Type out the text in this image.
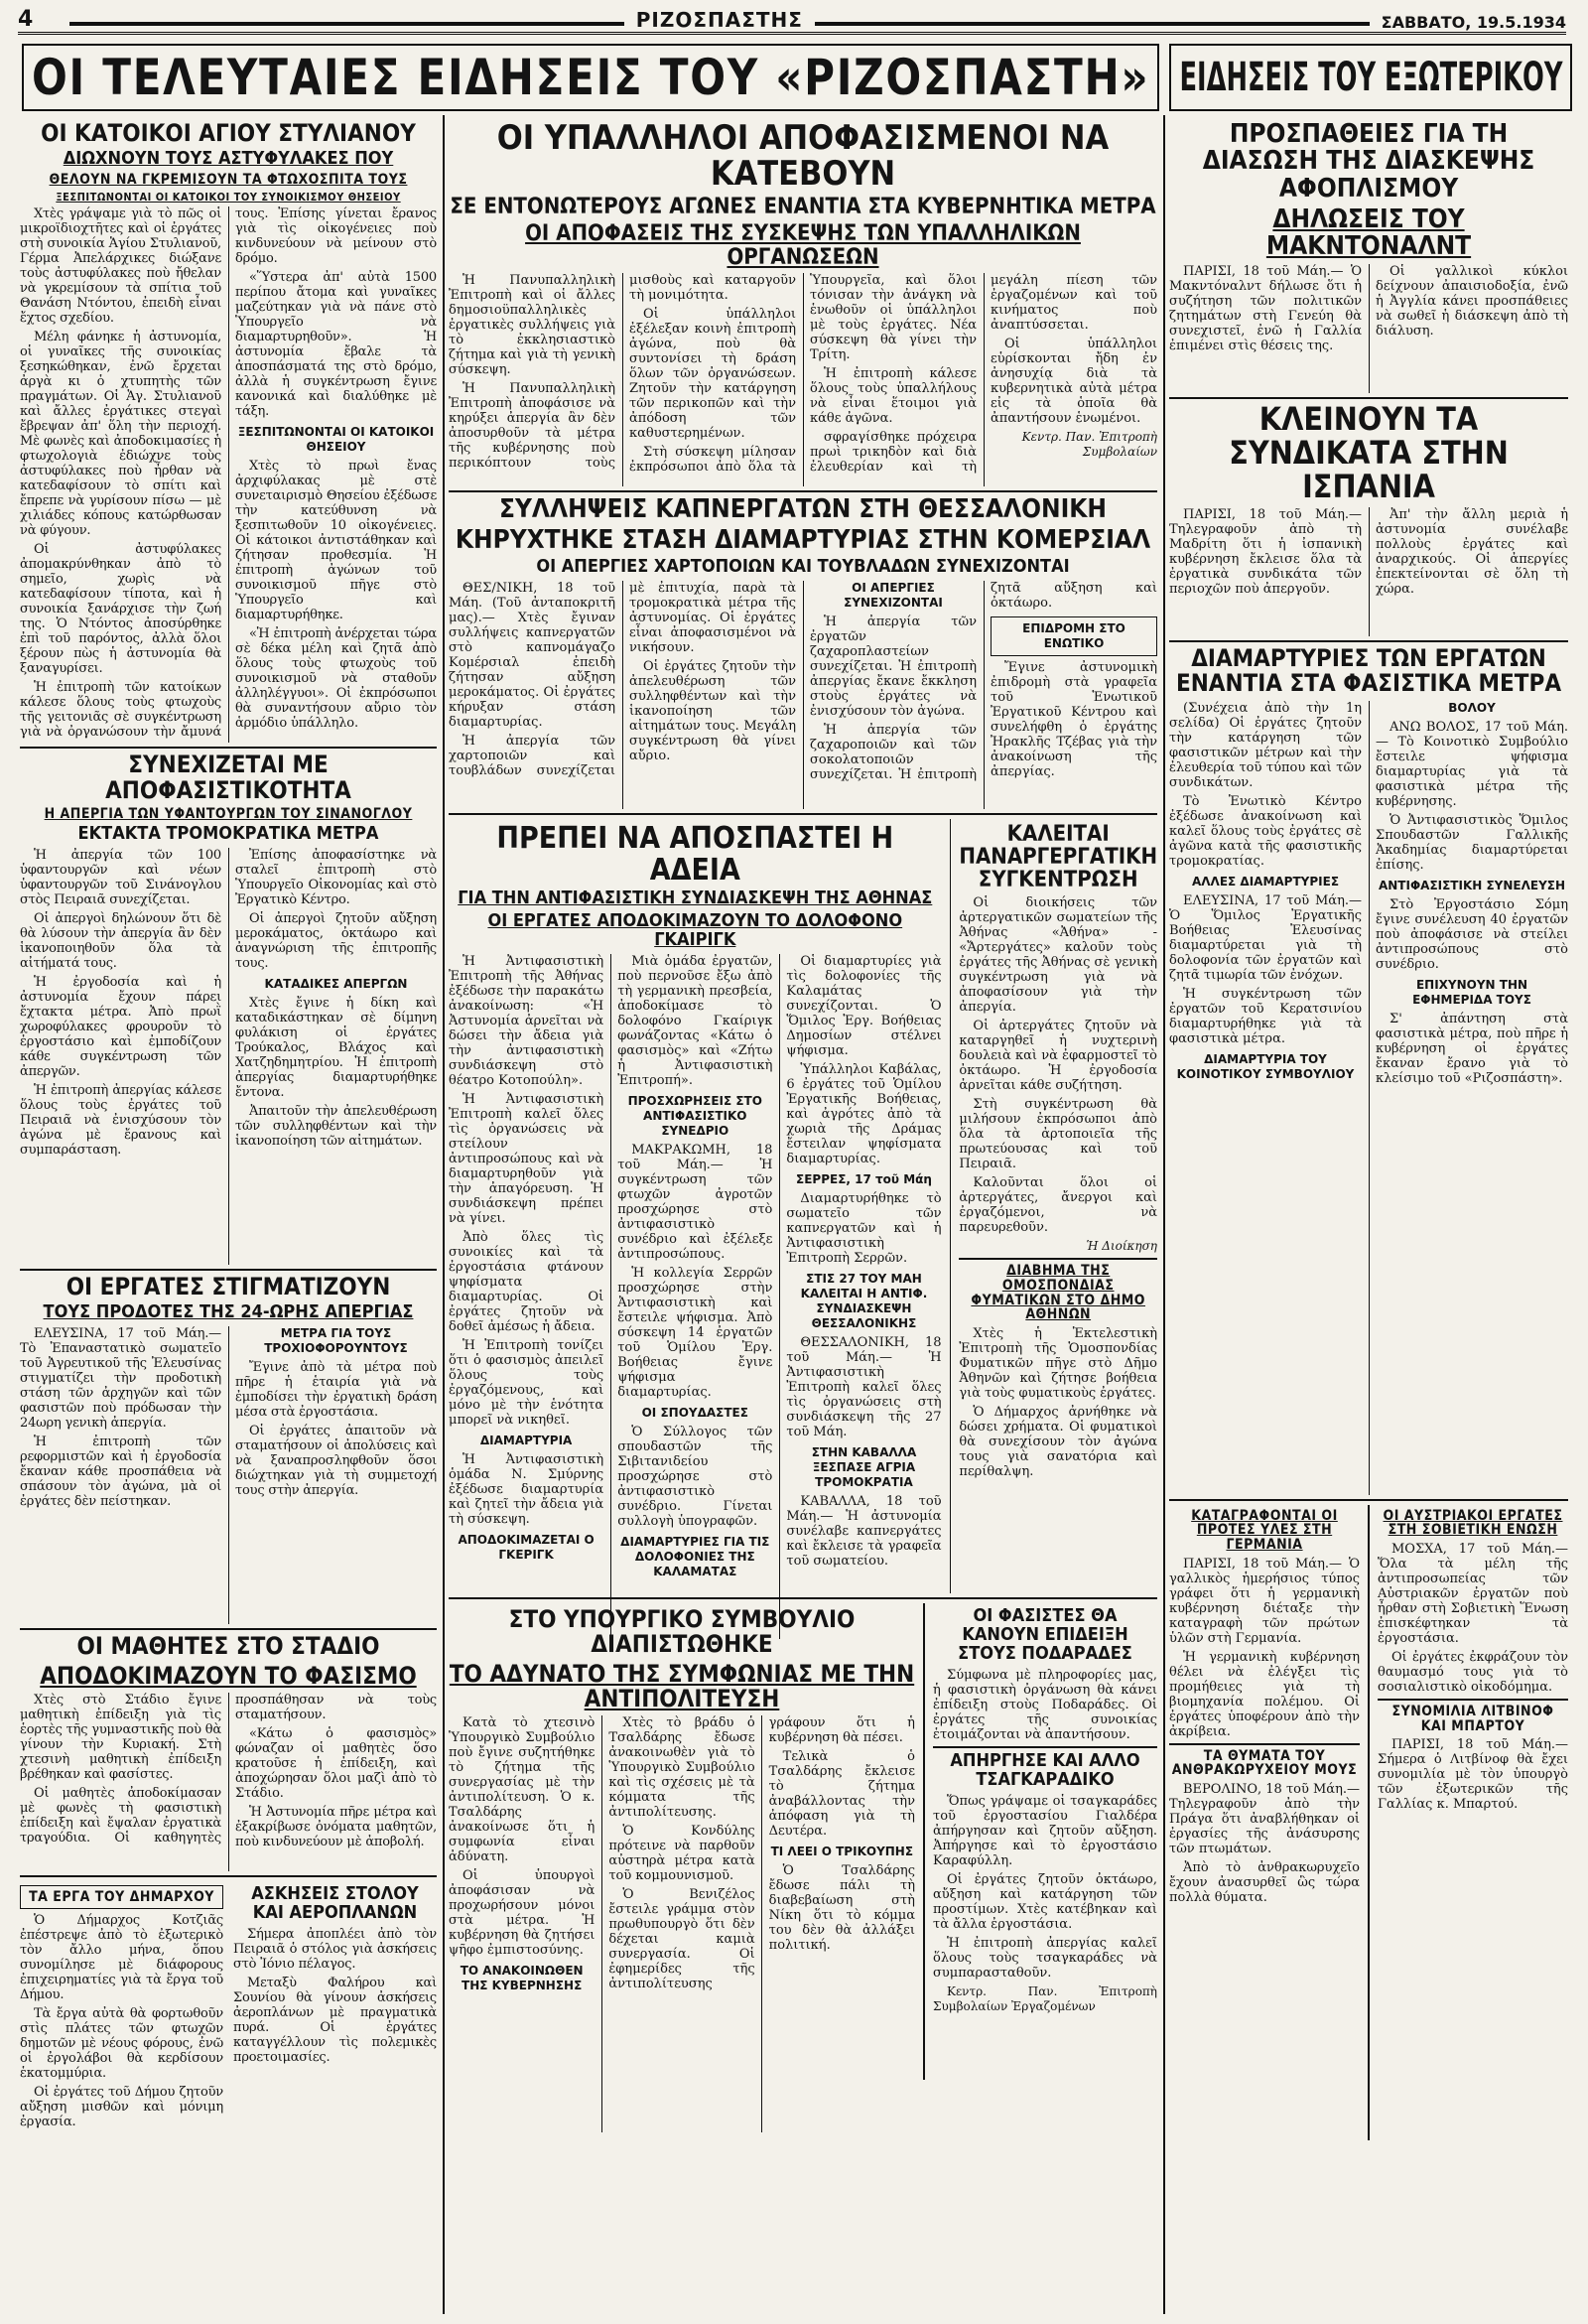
4	ΡΙΖΟΣΠΑΣΤΗΣ	ΣΑΒΒΑΤΟ, 19.5.1934
ΟΙ ΤΕΛΕΥΤΑΙΕΣ ΕΙΔΗΣΕΙΣ ΤΟΥ «ΡΙΖΟΣΠΑΣΤΗ» ΕΙΔΗΣΕΙΣ ΤΟΥ ΕΞΩΤΕΡΙΚΟΥ
ΟΙ ΚΑΤΟΙΚΟΙ ΑΓΙΟΥ ΣΤΥΛΙΑΝΟΥ
ΔΙΩΧΝΟΥΝ ΤΟΥΣ ΑΣΤΥΦΥΛΑΚΕΣ ΠΟΥ
ΘΕΛΟΥΝ ΝΑ ΓΚΡΕΜΙΣΟΥΝ ΤΑ ΦΤΩΧΟΣΠΙΤΑ ΤΟΥΣ
ΞΕΣΠΙΤΩΝΟΝΤΑΙ ΟΙ ΚΑΤΟΙΚΟΙ ΤΟΥ ΣΥΝΟΙΚΙΣΜΟΥ ΘΗΣΕΙΟΥ

Χτὲς γράψαμε γιὰ τὸ πῶς οἱ μικροϊδιοχτῆτες καὶ οἱ ἐργάτες στὴ συνοικία Ἁγίου Στυλιανοῦ, Γέρμα Ἀπελάρχικες διώξανε τοὺς ἀστυφύλακες ποὺ ἤθελαν νὰ γκρεμίσουν τὰ σπίτια τοῦ Θανάση Ντόντου, ἐπειδὴ εἶναι ἔχτος σχεδίου.

Μέλη φάνηκε ἡ ἀστυνομία, οἱ γυναῖκες τῆς συνοικίας ξεσηκώθηκαν, ἐνῶ ἔρχεται ἀργὰ κι ὁ χτυπητὴς τῶν πραγμάτων. Οἱ Ἁγ. Στυλιανοῦ καὶ ἄλλες ἐργάτικες στεγαὶ ἔβρεψαν ἀπ' ὅλη τὴν περιοχή. Μὲ φωνὲς καὶ ἀποδοκιμασίες ἡ φτωχολογιὰ ἐδιώχνε τοὺς ἀστυφύλακες ποὺ ἦρθαν νὰ κατεδαφίσουν τὸ σπίτι καὶ ἔπρεπε νὰ γυρίσουν πίσω — μὲ χιλιάδες κόπους κατώρθωσαν νὰ φύγουν.

Οἱ ἀστυφύλακες ἀπομακρύνθηκαν ἀπὸ τὸ σημεῖο, χωρὶς νὰ κατεδαφίσουν τίποτα, καὶ ἡ συνοικία ξανάρχισε τὴν ζωή της. Ὁ Ντόντος ἀποσύρθηκε ἐπὶ τοῦ παρόντος, ἀλλὰ ὅλοι ξέρουν πὼς ἡ ἀστυνομία θὰ ξαναγυρίσει.

Ἡ ἐπιτροπὴ τῶν κατοίκων κάλεσε ὅλους τοὺς φτωχοὺς τῆς γειτονιᾶς σὲ συγκέντρωση γιὰ νὰ ὀργανώσουν τὴν ἄμυνά τους. Ἐπίσης γίνεται ἔρανος γιὰ τὶς οἰκογένειες ποὺ κινδυνεύουν νὰ μείνουν στὸ δρόμο.

«Ὕστερα ἀπ' αὐτὰ 1500 περίπου ἄτομα καὶ γυναῖκες μαζεύτηκαν γιὰ νὰ πάνε στὸ Ὑπουργεῖο νὰ διαμαρτυρηθοῦν». Ἡ ἀστυνομία ἔβαλε τὰ ἀποσπάσματά της στὸ δρόμο, ἀλλὰ ἡ συγκέντρωση ἔγινε κανονικά καὶ διαλύθηκε μὲ τάξη.

ΞΕΣΠΙΤΩΝΟΝΤΑΙ ΟΙ ΚΑΤΟΙΚΟΙ ΘΗΣΕΙΟΥ

Χτὲς τὸ πρωὶ ἔνας ἀρχιφύλακας μὲ στὲ συνεταιρισμὸ Θησείου ἐξέδωσε τὴν κατεύθυνση νὰ ξεσπιτωθοῦν 10 οἰκογένειες. Οἱ κάτοικοι ἀντιστάθηκαν καὶ ζήτησαν προθεσμία. Ἡ ἐπιτροπὴ ἀγώνων τοῦ συνοικισμοῦ πῆγε στὸ Ὑπουργεῖο καὶ διαμαρτυρήθηκε.

«Ἡ ἐπιτροπὴ ἀνέρχεται τώρα σὲ δέκα μέλη καὶ ζητᾶ ἀπὸ ὅλους τοὺς φτωχοὺς τοῦ συνοικισμοῦ νὰ σταθοῦν ἀλληλέγγυοι». Οἱ ἐκπρόσωποι θὰ συναντήσουν αὔριο τὸν ἁρμόδιο ὑπάλληλο.

ΣΥΝΕΧΙΖΕΤΑΙ ΜΕ ΑΠΟΦΑΣΙΣΤΙΚΟΤΗΤΑ
Η ΑΠΕΡΓΙΑ ΤΩΝ ΥΦΑΝΤΟΥΡΓΩΝ ΤΟΥ ΣΙΝΑΝΟΓΛΟΥ
ΕΚΤΑΚΤΑ ΤΡΟΜΟΚΡΑΤΙΚΑ ΜΕΤΡΑ

Ἡ ἀπεργία τῶν 100 ὑφαντουργῶν καὶ νέων ὑφαντουργῶν τοῦ Σινάνογλου στὸς Πειραιᾶ συνεχίζεται.

Οἱ ἀπεργοὶ δηλώνουν ὅτι δὲ θὰ λύσουν τὴν ἀπεργία ἂν δὲν ἱκανοποιηθοῦν ὅλα τὰ αἰτήματά τους.

Ἡ ἐργοδοσία καὶ ἡ ἀστυνομία ἔχουν πάρει ἔχτακτα μέτρα. Ἀπὸ πρωῒ χωροφύλακες φρουροῦν τὸ ἐργοστάσιο καὶ ἐμποδίζουν κάθε συγκέντρωση τῶν ἀπεργῶν.

Ἡ ἐπιτροπὴ ἀπεργίας κάλεσε ὅλους τοὺς ἐργάτες τοῦ Πειραιᾶ νὰ ἐνισχύσουν τὸν ἀγώνα μὲ ἔρανους καὶ συμπαράσταση.

Ἐπίσης ἀποφασίστηκε νὰ σταλεῖ ἐπιτροπὴ στὸ Ὑπουργεῖο Οἰκονομίας καὶ στὸ Ἐργατικὸ Κέντρο.

Οἱ ἀπεργοὶ ζητοῦν αὔξηση μεροκάματος, ὀκτάωρο καὶ ἀναγνώριση τῆς ἐπιτροπῆς τους.

ΚΑΤΑΔΙΚΕΣ ΑΠΕΡΓΩΝ

Χτὲς ἔγινε ἡ δίκη καὶ καταδικάστηκαν σὲ δίμηνη φυλάκιση οἱ ἐργάτες Τρούκαλος, Βλάχος καὶ Χατζηδημητρίου. Ἡ ἐπιτροπὴ ἀπεργίας διαμαρτυρήθηκε ἔντονα.

Ἀπαιτοῦν τὴν ἀπελευθέρωση τῶν συλληφθέντων καὶ τὴν ἱκανοποίηση τῶν αἰτημάτων.

ΟΙ ΕΡΓΑΤΕΣ ΣΤΙΓΜΑΤΙΖΟΥΝ
ΤΟΥΣ ΠΡΟΔΟΤΕΣ ΤΗΣ 24-ΩΡΗΣ ΑΠΕΡΓΙΑΣ

ΕΛΕΥΣΙΝΑ, 17 τοῦ Μάη.— Τὸ Ἐπαναστατικὸ σωματεῖο τοῦ Ἀγρευτικοῦ τῆς Ἐλευσίνας στιγματίζει τὴν προδοτικὴ στάση τῶν ἀρχηγῶν καὶ τῶν φασιστῶν ποὺ πρόδωσαν τὴν 24ωρη γενικὴ ἀπεργία.

Ἡ ἐπιτροπὴ τῶν ρεφορμιστῶν καὶ ἡ ἐργοδοσία ἔκαναν κάθε προσπάθεια νὰ σπάσουν τὸν ἀγώνα, μὰ οἱ ἐργάτες δὲν πείστηκαν.

ΜΕΤΡΑ ΓΙΑ ΤΟΥΣ ΤΡΟΧΙΟΦΟΡΟΥΝΤΟΥΣ

Ἔγινε ἀπὸ τὰ μέτρα ποὺ πῆρε ἡ ἑταιρία γιὰ νὰ ἐμποδίσει τὴν ἐργατικὴ δράση μέσα στὰ ἐργοστάσια.

Οἱ ἐργάτες ἀπαιτοῦν νὰ σταματήσουν οἱ ἀπολύσεις καὶ νὰ ξαναπροσληφθοῦν ὅσοι διώχτηκαν γιὰ τὴ συμμετοχή τους στὴν ἀπεργία.

ΟΙ ΜΑΘΗΤΕΣ ΣΤΟ ΣΤΑΔΙΟ
ΑΠΟΔΟΚΙΜΑΖΟΥΝ ΤΟ ΦΑΣΙΣΜΟ

Χτὲς στὸ Στάδιο ἔγινε μαθητικὴ ἐπίδειξη γιὰ τὶς ἑορτὲς τῆς γυμναστικῆς ποὺ θὰ γίνουν τὴν Κυριακή. Στὴ χτεσινὴ μαθητικὴ ἐπίδειξη βρέθηκαν καὶ φασίστες.

Οἱ μαθητὲς ἀποδοκίμασαν μὲ φωνὲς τὴ φασιστικὴ ἐπίδειξη καὶ ἔψαλαν ἐργατικὰ τραγούδια. Οἱ καθηγητὲς προσπάθησαν νὰ τοὺς σταματήσουν.

«Κάτω ὁ φασισμὸς» φώναζαν οἱ μαθητὲς ὅσο κρατοῦσε ἡ ἐπίδειξη, καὶ ἀποχώρησαν ὅλοι μαζὶ ἀπὸ τὸ Στάδιο.

Ἡ Ἀστυνομία πῆρε μέτρα καὶ ἐξακρίβωσε ὀνόματα μαθητῶν, ποὺ κινδυνεύουν μὲ ἀποβολή.

ΤΑ ΕΡΓΑ ΤΟΥ ΔΗΜΑΡΧΟΥ

Ὁ Δήμαρχος Κοτζιᾶς ἐπέστρεψε ἀπὸ τὸ ἐξωτερικὸ τὸν ἄλλο μήνα, ὅπου συνομίλησε μὲ διάφορους ἐπιχειρηματίες γιὰ τὰ ἔργα τοῦ Δήμου.

Τὰ ἔργα αὐτὰ θὰ φορτωθοῦν στὶς πλάτες τῶν φτωχῶν δημοτῶν μὲ νέους φόρους, ἐνῶ οἱ ἐργολάβοι θὰ κερδίσουν ἑκατομμύρια.

Οἱ ἐργάτες τοῦ Δήμου ζητοῦν αὔξηση μισθῶν καὶ μόνιμη ἐργασία.

ΑΣΚΗΣΕΙΣ ΣΤΟΛΟΥ ΚΑΙ ΑΕΡΟΠΛΑΝΩΝ

Σήμερα ἀποπλέει ἀπὸ τὸν Πειραιᾶ ὁ στόλος γιὰ ἀσκήσεις στὸ Ἰόνιο πέλαγος.

Μεταξὺ Φαλήρου καὶ Σουνίου θὰ γίνουν ἀσκήσεις ἀεροπλάνων μὲ πραγματικὰ πυρά. Οἱ ἐργάτες καταγγέλλουν τὶς πολεμικὲς προετοιμασίες.

ΟΙ ΥΠΑΛΛΗΛΟΙ ΑΠΟΦΑΣΙΣΜΕΝΟΙ ΝΑ ΚΑΤΕΒΟΥΝ
ΣΕ ΕΝΤΟΝΩΤΕΡΟΥΣ ΑΓΩΝΕΣ ΕΝΑΝΤΙΑ ΣΤΑ ΚΥΒΕΡΝΗΤΙΚΑ ΜΕΤΡΑ
ΟΙ ΑΠΟΦΑΣΕΙΣ ΤΗΣ ΣΥΣΚΕΨΗΣ ΤΩΝ ΥΠΑΛΛΗΛΙΚΩΝ ΟΡΓΑΝΩΣΕΩΝ

Ἡ Πανυπαλληλικὴ Ἐπιτροπὴ καὶ οἱ ἄλλες δημοσιοϋπαλληλικὲς ἐργατικὲς συλλήψεις γιὰ τὸ ἐκκλησιαστικὸ ζήτημα καὶ γιὰ τὴ γενικὴ σύσκεψη.

Ἡ Πανυπαλληλικὴ Ἐπιτροπὴ ἀποφάσισε νὰ κηρύξει ἀπεργία ἂν δὲν ἀποσυρθοῦν τὰ μέτρα τῆς κυβέρνησης ποὺ περικόπτουν τοὺς μισθοὺς καὶ καταργοῦν τὴ μονιμότητα.

Οἱ ὑπάλληλοι ἐξέλεξαν κοινὴ ἐπιτροπὴ ἀγώνα, ποὺ θὰ συντονίσει τὴ δράση ὅλων τῶν ὀργανώσεων. Ζητοῦν τὴν κατάργηση τῶν περικοπῶν καὶ τὴν ἀπόδοση τῶν καθυστερημένων.

Στὴ σύσκεψη μίλησαν ἐκπρόσωποι ἀπὸ ὅλα τὰ Ὑπουργεῖα, καὶ ὅλοι τόνισαν τὴν ἀνάγκη νὰ ἑνωθοῦν οἱ ὑπάλληλοι μὲ τοὺς ἐργάτες. Νέα σύσκεψη θὰ γίνει τὴν Τρίτη.

Ἡ ἐπιτροπὴ κάλεσε ὅλους τοὺς ὑπαλλήλους νὰ εἶναι ἕτοιμοι γιὰ κάθε ἀγῶνα.

σφραγίσθηκε πρόχειρα πρωὶ τρικηδὸν καὶ διὰ ἐλευθερίαν καὶ τὴ μεγάλη πίεση τῶν ἐργαζομένων καὶ τοῦ κινήματος ποὺ ἀναπτύσσεται.

Οἱ ὑπάλληλοι εὑρίσκονται ἤδη ἐν ἀνησυχίᾳ διὰ τὰ κυβερνητικὰ αὐτὰ μέτρα εἰς τὰ ὁποῖα θὰ ἀπαντήσουν ἑνωμένοι.

Κεντρ. Παν. Ἐπιτροπὴ Συμβολαίων
ΣΥΛΛΗΨΕΙΣ ΚΑΠΝΕΡΓΑΤΩΝ ΣΤΗ ΘΕΣΣΑΛΟΝΙΚΗ
ΚΗΡΥΧΤΗΚΕ ΣΤΑΣΗ ΔΙΑΜΑΡΤΥΡΙΑΣ ΣΤΗΝ ΚΟΜΕΡΣΙΑΛ
ΟΙ ΑΠΕΡΓΙΕΣ ΧΑΡΤΟΠΟΙΩΝ ΚΑΙ ΤΟΥΒΛΑΔΩΝ ΣΥΝΕΧΙΖΟΝΤΑΙ

ΘΕΣ/ΝΙΚΗ, 18 τοῦ Μάη. (Τοῦ ἀνταποκριτῆ μας).— Χτὲς ἔγιναν συλλήψεις καπνεργατῶν στὸ καπνομάγαζο Κομέρσιαλ ἐπειδὴ ζήτησαν αὔξηση μεροκάματος. Οἱ ἐργάτες κήρυξαν στάση διαμαρτυρίας.

Ἡ ἀπεργία τῶν χαρτοποιῶν καὶ τουβλάδων συνεχίζεται μὲ ἐπιτυχία, παρὰ τὰ τρομοκρατικὰ μέτρα τῆς ἀστυνομίας. Οἱ ἐργάτες εἶναι ἀποφασισμένοι νὰ νικήσουν.

Οἱ ἐργάτες ζητοῦν τὴν ἀπελευθέρωση τῶν συλληφθέντων καὶ τὴν ἱκανοποίηση τῶν αἰτημάτων τους. Μεγάλη συγκέντρωση θὰ γίνει αὔριο.

ΟΙ ΑΠΕΡΓΙΕΣ ΣΥΝΕΧΙΖΟΝΤΑΙ

Ἡ ἀπεργία τῶν ἐργατῶν ζαχαροπλαστείων συνεχίζεται. Ἡ ἐπιτροπὴ ἀπεργίας ἔκανε ἔκκληση στοὺς ἐργάτες νὰ ἐνισχύσουν τὸν ἀγώνα.

Ἡ ἀπεργία τῶν ζαχαροποιῶν καὶ τῶν σοκολατοποιῶν συνεχίζεται. Ἡ ἐπιτροπὴ ζητᾶ αὔξηση καὶ ὀκτάωρο.

ΕΠΙΔΡΟΜΗ ΣΤΟ ΕΝΩΤΙΚΟ

Ἔγινε ἀστυνομικὴ ἐπιδρομὴ στὰ γραφεῖα τοῦ Ἑνωτικοῦ Ἐργατικοῦ Κέντρου καὶ συνελήφθη ὁ ἐργάτης Ἠρακλῆς Τζέβας γιὰ τὴν ἀνακοίνωση τῆς ἀπεργίας.

ΠΡΕΠΕΙ ΝΑ ΑΠΟΣΠΑΣΤΕΙ Η ΑΔΕΙΑ
ΓΙΑ ΤΗΝ ΑΝΤΙΦΑΣΙΣΤΙΚΗ ΣΥΝΔΙΑΣΚΕΨΗ ΤΗΣ ΑΘΗΝΑΣ
ΟΙ ΕΡΓΑΤΕΣ ΑΠΟΔΟΚΙΜΑΖΟΥΝ ΤΟ ΔΟΛΟΦΟΝΟ ΓΚΑΙΡΙΓΚ

Ἡ Ἀντιφασιστικὴ Ἐπιτροπὴ τῆς Ἀθήνας ἐξέδωσε τὴν παρακάτω ἀνακοίνωση: «Ἡ Ἀστυνομία ἀρνεῖται νὰ δώσει τὴν ἄδεια γιὰ τὴν ἀντιφασιστικὴ συνδιάσκεψη στὸ θέατρο Κοτοπούλη».

Ἡ Ἀντιφασιστικὴ Ἐπιτροπὴ καλεῖ ὅλες τὶς ὀργανώσεις νὰ στείλουν ἀντιπροσώπους καὶ νὰ διαμαρτυρηθοῦν γιὰ τὴν ἀπαγόρευση. Ἡ συνδιάσκεψη πρέπει νὰ γίνει.

Ἀπὸ ὅλες τὶς συνοικίες καὶ τὰ ἐργοστάσια φτάνουν ψηφίσματα διαμαρτυρίας. Οἱ ἐργάτες ζητοῦν νὰ δοθεῖ ἀμέσως ἡ ἄδεια.

Ἡ Ἐπιτροπὴ τονίζει ὅτι ὁ φασισμὸς ἀπειλεῖ ὅλους τοὺς ἐργαζόμενους, καὶ μόνο μὲ τὴν ἑνότητα μπορεῖ νὰ νικηθεῖ.

ΔΙΑΜΑΡΤΥΡΙΑ

Ἡ Ἀντιφασιστικὴ ὁμάδα Ν. Σμύρνης ἐξέδωσε διαμαρτυρία καὶ ζητεῖ τὴν ἄδεια γιὰ τὴ σύσκεψη.

ΑΠΟΔΟΚΙΜΑΖΕΤΑΙ Ο ΓΚΕΡΙΓΚ

Μιὰ ὁμάδα ἐργατῶν, ποὺ περνοῦσε ἔξω ἀπὸ τὴ γερμανικὴ πρεσβεία, ἀποδοκίμασε τὸ δολοφόνο Γκαίριγκ φωνάζοντας «Κάτω ὁ φασισμὸς» καὶ «Ζήτω ἡ Ἀντιφασιστικὴ Ἐπιτροπή».

ΠΡΟΣΧΩΡΗΣΕΙΣ ΣΤΟ ΑΝΤΙΦΑΣΙΣΤΙΚΟ ΣΥΝΕΔΡΙΟ

ΜΑΚΡΑΚΩΜΗ, 18 τοῦ Μάη.— Ἡ συγκέντρωση τῶν φτωχῶν ἀγροτῶν προσχώρησε στὸ ἀντιφασιστικὸ συνέδριο καὶ ἐξέλεξε ἀντιπροσώπους.

Ἡ κολλεγία Σερρῶν προσχώρησε στὴν Ἀντιφασιστικὴ καὶ ἔστειλε ψήφισμα. Ἀπὸ σύσκεψη 14 ἐργατῶν τοῦ Ὁμίλου Ἐργ. Βοήθειας ἔγινε ψήφισμα διαμαρτυρίας.

ΟΙ ΣΠΟΥΔΑΣΤΕΣ

Ὁ Σύλλογος τῶν σπουδαστῶν τῆς Σιβιτανιδείου προσχώρησε στὸ ἀντιφασιστικὸ συνέδριο. Γίνεται συλλογὴ ὑπογραφῶν.

ΔΙΑΜΑΡΤΥΡΙΕΣ ΓΙΑ ΤΙΣ ΔΟΛΟΦΟΝΙΕΣ ΤΗΣ ΚΑΛΑΜΑΤΑΣ

Οἱ διαμαρτυρίες γιὰ τὶς δολοφονίες τῆς Καλαμάτας συνεχίζονται. Ὁ Ὅμιλος Ἐργ. Βοήθειας Δημοσίων στέλνει ψήφισμα.

Ὑπάλληλοι Καβάλας, 6 ἐργάτες τοῦ Ὁμίλου Ἐργατικῆς Βοήθειας, καὶ ἀγρότες ἀπὸ τὰ χωριὰ τῆς Δράμας ἔστειλαν ψηφίσματα διαμαρτυρίας.

ΣΕΡΡΕΣ, 17 τοῦ Μάη

Διαμαρτυρήθηκε τὸ σωματεῖο τῶν καπνεργατῶν καὶ ἡ Ἀντιφασιστικὴ Ἐπιτροπὴ Σερρῶν.

ΣΤΙΣ 27 ΤΟΥ ΜΑΗ ΚΑΛΕΙΤΑΙ Η ΑΝΤΙΦ. ΣΥΝΔΙΑΣΚΕΨΗ ΘΕΣΣΑΛΟΝΙΚΗΣ

ΘΕΣΣΑΛΟΝΙΚΗ, 18 τοῦ Μάη.— Ἡ Ἀντιφασιστικὴ Ἐπιτροπὴ καλεῖ ὅλες τὶς ὀργανώσεις στὴ συνδιάσκεψη τῆς 27 τοῦ Μάη.

ΣΤΗΝ ΚΑΒΑΛΛΑ ΞΕΣΠΑΣΕ ΑΓΡΙΑ ΤΡΟΜΟΚΡΑΤΙΑ

ΚΑΒΑΛΛΑ, 18 τοῦ Μάη.— Ἡ ἀστυνομία συνέλαβε καπνεργάτες καὶ ἔκλεισε τὰ γραφεῖα τοῦ σωματείου.

ΚΑΛΕΙΤΑΙ ΠΑΝΑΡΓΕΡΓΑΤΙΚΗ ΣΥΓΚΕΝΤΡΩΣΗ

Οἱ διοικήσεις τῶν ἀρτεργατικῶν σωματείων τῆς Ἀθήνας «Ἀθήνα» - «Ἄρτεργάτες» καλοῦν τοὺς ἐργάτες τῆς Ἀθήνας σὲ γενικὴ συγκέντρωση γιὰ νὰ ἀποφασίσουν γιὰ τὴν ἀπεργία.

Οἱ ἀρτεργάτες ζητοῦν νὰ καταργηθεῖ ἡ νυχτερινὴ δουλειὰ καὶ νὰ ἐφαρμοστεῖ τὸ ὀκτάωρο. Ἡ ἐργοδοσία ἀρνεῖται κάθε συζήτηση.

Στὴ συγκέντρωση θὰ μιλήσουν ἐκπρόσωποι ἀπὸ ὅλα τὰ ἀρτοποιεῖα τῆς πρωτεύουσας καὶ τοῦ Πειραιᾶ.

Καλοῦνται ὅλοι οἱ ἀρτεργάτες, ἄνεργοι καὶ ἐργαζόμενοι, νὰ παρευρεθοῦν.

Ἡ Διοίκηση
ΔΙΑΒΗΜΑ ΤΗΣ ΟΜΟΣΠΟΝΔΙΑΣ ΦΥΜΑΤΙΚΩΝ ΣΤΟ ΔΗΜΟ ΑΘΗΝΩΝ

Χτὲς ἡ Ἐκτελεστικὴ Ἐπιτροπὴ τῆς Ὁμοσπονδίας Φυματικῶν πῆγε στὸ Δῆμο Ἀθηνῶν καὶ ζήτησε βοήθεια γιὰ τοὺς φυματικοὺς ἐργάτες.

Ὁ Δήμαρχος ἀρνήθηκε νὰ δώσει χρήματα. Οἱ φυματικοὶ θὰ συνεχίσουν τὸν ἀγώνα τους γιὰ σανατόρια καὶ περίθαλψη.

ΣΤΟ ΥΠΟΥΡΓΙΚΟ ΣΥΜΒΟΥΛΙΟ ΔΙΑΠΙΣΤΩΘΗΚΕ
ΤΟ ΑΔΥΝΑΤΟ ΤΗΣ ΣΥΜΦΩΝΙΑΣ ΜΕ ΤΗΝ ΑΝΤΙΠΟΛΙΤΕΥΣΗ

Κατὰ τὸ χτεσινὸ Ὑπουργικὸ Συμβούλιο ποὺ ἔγινε συζητήθηκε τὸ ζήτημα τῆς συνεργασίας μὲ τὴν ἀντιπολίτευση. Ὁ κ. Τσαλδάρης ἀνακοίνωσε ὅτι ἡ συμφωνία εἶναι ἀδύνατη.

Οἱ ὑπουργοὶ ἀποφάσισαν νὰ προχωρήσουν μόνοι στὰ μέτρα. Ἡ κυβέρνηση θὰ ζητήσει ψῆφο ἐμπιστοσύνης.

ΤΟ ΑΝΑΚΟΙΝΩΘΕΝ ΤΗΣ ΚΥΒΕΡΝΗΣΗΣ

Χτὲς τὸ βράδυ ὁ Τσαλδάρης ἔδωσε ἀνακοινωθὲν γιὰ τὸ Ὑπουργικὸ Συμβούλιο καὶ τὶς σχέσεις μὲ τὰ κόμματα τῆς ἀντιπολίτευσης.

Ὁ Κονδύλης πρότεινε νὰ παρθοῦν αὐστηρὰ μέτρα κατὰ τοῦ κομμουνισμοῦ.

Ὁ Βενιζέλος ἔστειλε γράμμα στὸν πρωθυπουργὸ ὅτι δὲν δέχεται καμιὰ συνεργασία. Οἱ ἐφημερίδες τῆς ἀντιπολίτευσης γράφουν ὅτι ἡ κυβέρνηση θὰ πέσει.

Τελικὰ ὁ Τσαλδάρης ἔκλεισε τὸ ζήτημα ἀναβάλλοντας τὴν ἀπόφαση γιὰ τὴ Δευτέρα.

ΤΙ ΛΕΕΙ Ο ΤΡΙΚΟΥΠΗΣ

Ὁ Τσαλδάρης ἔδωσε πάλι τὴ διαβεβαίωση στὴ Νίκη ὅτι τὸ κόμμα του δὲν θὰ ἀλλάξει πολιτική.

ΟΙ ΦΑΣΙΣΤΕΣ ΘΑ ΚΑΝΟΥΝ ΕΠΙΔΕΙΞΗ ΣΤΟΥΣ ΠΟΔΑΡΑΔΕΣ

Σύμφωνα μὲ πληροφορίες μας, ἡ φασιστικὴ ὀργάνωση θὰ κάνει ἐπίδειξη στοὺς Ποδαράδες. Οἱ ἐργάτες τῆς συνοικίας ἑτοιμάζονται νὰ ἀπαντήσουν.

ΑΠΗΡΓΗΣΕ ΚΑΙ ΑΛΛΟ ΤΣΑΓΚΑΡΑΔΙΚΟ

Ὅπως γράψαμε οἱ τσαγκαράδες τοῦ ἐργοστασίου Γιαλδέρα ἀπήργησαν καὶ ζητοῦν αὔξηση. Ἀπήργησε καὶ τὸ ἐργοστάσιο Καραφύλλη.

Οἱ ἐργάτες ζητοῦν ὀκτάωρο, αὔξηση καὶ κατάργηση τῶν προστίμων. Χτὲς κατέβηκαν καὶ τὰ ἄλλα ἐργοστάσια.

Ἡ ἐπιτροπὴ ἀπεργίας καλεῖ ὅλους τοὺς τσαγκαράδες νὰ συμπαρασταθοῦν.

Κεντρ. Παν. Ἐπιτροπὴ Συμβολαίων Ἐργαζομένων

ΠΡΟΣΠΑΘΕΙΕΣ ΓΙΑ ΤΗ ΔΙΑΣΩΣΗ ΤΗΣ ΔΙΑΣΚΕΨΗΣ ΑΦΟΠΛΙΣΜΟΥ
ΔΗΛΩΣΕΙΣ ΤΟΥ ΜΑΚΝΤΟΝΑΛΝΤ

ΠΑΡΙΣΙ, 18 τοῦ Μάη.— Ὁ Μακντόναλντ δήλωσε ὅτι ἡ συζήτηση τῶν πολιτικῶν ζητημάτων στὴ Γενεύη θὰ συνεχιστεῖ, ἐνῶ ἡ Γαλλία ἐπιμένει στὶς θέσεις της.

Οἱ γαλλικοὶ κύκλοι δείχνουν ἀπαισιοδοξία, ἐνῶ ἡ Ἀγγλία κάνει προσπάθειες νὰ σωθεῖ ἡ διάσκεψη ἀπὸ τὴ διάλυση.

ΚΛΕΙΝΟΥΝ ΤΑ ΣΥΝΔΙΚΑΤΑ ΣΤΗΝ ΙΣΠΑΝΙΑ

ΠΑΡΙΣΙ, 18 τοῦ Μάη.— Τηλεγραφοῦν ἀπὸ τὴ Μαδρίτη ὅτι ἡ ἰσπανικὴ κυβέρνηση ἔκλεισε ὅλα τὰ ἐργατικὰ συνδικάτα τῶν περιοχῶν ποὺ ἀπεργοῦν.

Ἀπ' τὴν ἄλλη μεριὰ ἡ ἀστυνομία συνέλαβε πολλοὺς ἐργάτες καὶ ἀναρχικούς. Οἱ ἀπεργίες ἐπεκτείνονται σὲ ὅλη τὴ χώρα.

ΔΙΑΜΑΡΤΥΡΙΕΣ ΤΩΝ ΕΡΓΑΤΩΝ ΕΝΑΝΤΙΑ ΣΤΑ ΦΑΣΙΣΤΙΚΑ ΜΕΤΡΑ

(Συνέχεια ἀπὸ τὴν 1η σελίδα) Οἱ ἐργάτες ζητοῦν τὴν κατάργηση τῶν φασιστικῶν μέτρων καὶ τὴν ἐλευθερία τοῦ τύπου καὶ τῶν συνδικάτων.

Τὸ Ἑνωτικὸ Κέντρο ἐξέδωσε ἀνακοίνωση καὶ καλεῖ ὅλους τοὺς ἐργάτες σὲ ἀγῶνα κατὰ τῆς φασιστικῆς τρομοκρατίας.

ΑΛΛΕΣ ΔΙΑΜΑΡΤΥΡΙΕΣ

ΕΛΕΥΣΙΝΑ, 17 τοῦ Μάη.— Ὁ Ὅμιλος Ἐργατικῆς Βοήθειας Ἐλευσίνας διαμαρτύρεται γιὰ τὴ δολοφονία τῶν ἐργατῶν καὶ ζητᾶ τιμωρία τῶν ἐνόχων.

Ἡ συγκέντρωση τῶν ἐργατῶν τοῦ Κερατσινίου διαμαρτυρήθηκε γιὰ τὰ φασιστικὰ μέτρα.

ΔΙΑΜΑΡΤΥΡΙΑ ΤΟΥ ΚΟΙΝΟΤΙΚΟΥ ΣΥΜΒΟΥΛΙΟΥ ΒΟΛΟΥ

ΑΝΩ ΒΟΛΟΣ, 17 τοῦ Μάη.— Τὸ Κοινοτικὸ Συμβούλιο ἔστειλε ψήφισμα διαμαρτυρίας γιὰ τὰ φασιστικὰ μέτρα τῆς κυβέρνησης.

Ὁ Ἀντιφασιστικὸς Ὅμιλος Σπουδαστῶν Γαλλικῆς Ἀκαδημίας διαμαρτύρεται ἐπίσης.

ΑΝΤΙΦΑΣΙΣΤΙΚΗ ΣΥΝΕΛΕΥΣΗ

Στὸ Ἐργοστάσιο Σόμη ἔγινε συνέλευση 40 ἐργατῶν ποὺ ἀποφάσισε νὰ στείλει ἀντιπροσώπους στὸ συνέδριο.

ΕΠΙΧΥΝΟΥΝ ΤΗΝ ΕΦΗΜΕΡΙΔΑ ΤΟΥΣ

Σ' ἀπάντηση στὰ φασιστικὰ μέτρα, ποὺ πῆρε ἡ κυβέρνηση οἱ ἐργάτες ἔκαναν ἔρανο γιὰ τὸ κλείσιμο τοῦ «Ριζοσπάστη».

ΚΑΤΑΓΡΑΦΟΝΤΑΙ ΟΙ ΠΡΟΤΕΣ ΥΛΕΣ ΣΤΗ ΓΕΡΜΑΝΙΑ

ΠΑΡΙΣΙ, 18 τοῦ Μάη.— Ὁ γαλλικὸς ἡμερήσιος τύπος γράφει ὅτι ἡ γερμανικὴ κυβέρνηση διέταξε τὴν καταγραφὴ τῶν πρώτων ὑλῶν στὴ Γερμανία.

Ἡ γερμανικὴ κυβέρνηση θέλει νὰ ἐλέγξει τὶς προμήθειες γιὰ τὴ βιομηχανία πολέμου. Οἱ ἐργάτες ὑποφέρουν ἀπὸ τὴν ἀκρίβεια.

ΤΑ ΘΥΜΑΤΑ ΤΟΥ ΑΝΘΡΑΚΩΡΥΧΕΙΟΥ ΜΟΥΣ

ΒΕΡΟΛΙΝΟ, 18 τοῦ Μάη.— Τηλεγραφοῦν ἀπὸ τὴν Πράγα ὅτι ἀναβλήθηκαν οἱ ἐργασίες τῆς ἀνάσυρσης τῶν πτωμάτων.

Ἀπὸ τὸ ἀνθρακωρυχεῖο ἔχουν ἀνασυρθεῖ ὣς τώρα πολλὰ θύματα.

ΟΙ ΑΥΣΤΡΙΑΚΟΙ ΕΡΓΑΤΕΣ ΣΤΗ ΣΟΒΙΕΤΙΚΗ ΕΝΩΣΗ

ΜΟΣΧΑ, 17 τοῦ Μάη.— Ὅλα τὰ μέλη τῆς ἀντιπροσωπείας τῶν Αὐστριακῶν ἐργατῶν ποὺ ἦρθαν στὴ Σοβιετικὴ Ἕνωση ἐπισκέφτηκαν τὰ ἐργοστάσια.

Οἱ ἐργάτες ἐκφράζουν τὸν θαυμασμό τους γιὰ τὸ σοσιαλιστικὸ οἰκοδόμημα.

ΣΥΝΟΜΙΛΙΑ ΛΙΤΒΙΝΟΦ ΚΑΙ ΜΠΑΡΤΟΥ

ΠΑΡΙΣΙ, 18 τοῦ Μάη.— Σήμερα ὁ Λιτβίνοφ θὰ ἔχει συνομιλία μὲ τὸν ὑπουργὸ τῶν ἐξωτερικῶν τῆς Γαλλίας κ. Μπαρτού.
